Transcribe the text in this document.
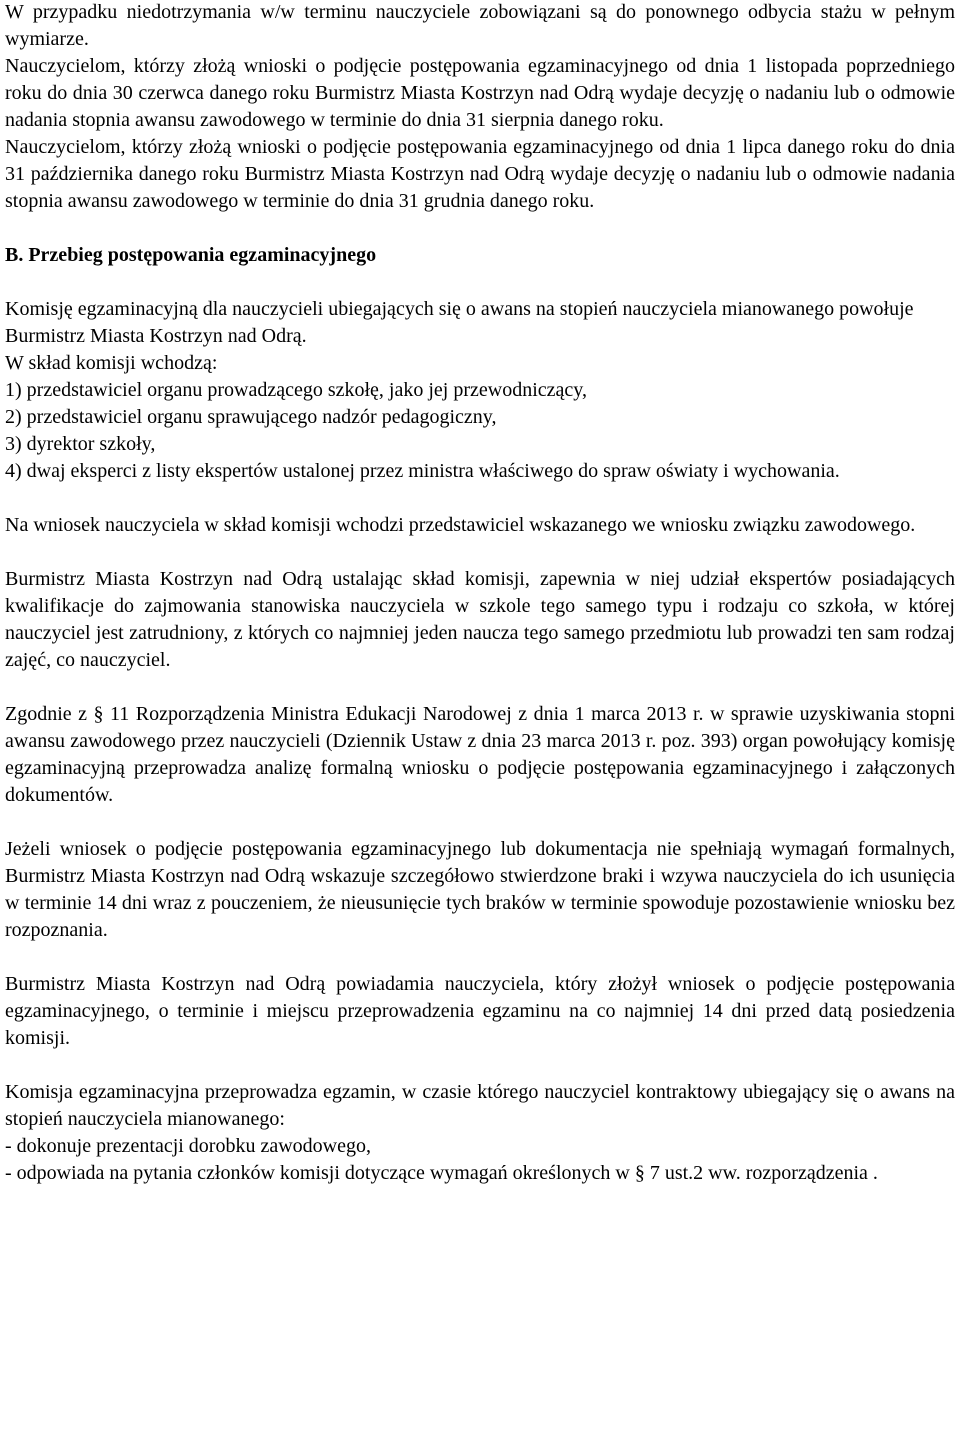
W przypadku niedotrzymania w/w terminu nauczyciele zobowiązani są do ponownego odbycia stażu w pełnym wymiarze.

Nauczycielom, którzy złożą wnioski o podjęcie postępowania egzaminacyjnego od dnia 1 listopada poprzedniego roku do dnia 30 czerwca danego roku Burmistrz Miasta Kostrzyn nad Odrą wydaje decyzję o nadaniu lub o odmowie nadania stopnia awansu zawodowego w terminie do dnia 31 sierpnia danego roku.

Nauczycielom, którzy złożą wnioski o podjęcie postępowania egzaminacyjnego od dnia 1 lipca danego roku do dnia 31 października danego roku Burmistrz Miasta Kostrzyn nad Odrą wydaje decyzję o nadaniu lub o odmowie nadania stopnia awansu zawodowego w terminie do dnia 31 grudnia danego roku.

B. Przebieg postępowania egzaminacyjnego

Komisję egzaminacyjną dla nauczycieli ubiegających się o awans na stopień nauczyciela mianowanego powołuje Burmistrz Miasta Kostrzyn nad Odrą.

W skład komisji wchodzą:

1) przedstawiciel organu prowadzącego szkołę, jako jej przewodniczący,

2) przedstawiciel organu sprawującego nadzór pedagogiczny,

3) dyrektor szkoły,

4) dwaj eksperci z listy ekspertów ustalonej przez ministra właściwego do spraw oświaty i wychowania.

Na wniosek nauczyciela w skład komisji wchodzi przedstawiciel wskazanego we wniosku związku zawodowego.

Burmistrz Miasta Kostrzyn nad Odrą ustalając skład komisji, zapewnia w niej udział ekspertów posiadających kwalifikacje do zajmowania stanowiska nauczyciela w szkole tego samego typu i rodzaju co szkoła, w której nauczyciel jest zatrudniony, z których co najmniej jeden naucza tego samego przedmiotu lub prowadzi ten sam rodzaj zajęć, co nauczyciel.

Zgodnie z § 11 Rozporządzenia Ministra Edukacji Narodowej z dnia 1 marca 2013 r. w sprawie uzyskiwania stopni awansu zawodowego przez nauczycieli (Dziennik Ustaw z dnia 23 marca 2013 r. poz. 393) organ powołujący komisję egzaminacyjną przeprowadza analizę formalną wniosku o podjęcie postępowania egzaminacyjnego i załączonych dokumentów.

Jeżeli wniosek o podjęcie postępowania egzaminacyjnego lub dokumentacja nie spełniają wymagań formalnych, Burmistrz Miasta Kostrzyn nad Odrą wskazuje szczegółowo stwierdzone braki i wzywa nauczyciela do ich usunięcia w terminie 14 dni wraz z pouczeniem, że nieusunięcie tych braków w terminie spowoduje pozostawienie wniosku bez rozpoznania.

Burmistrz Miasta Kostrzyn nad Odrą powiadamia nauczyciela, który złożył wniosek o podjęcie postępowania egzaminacyjnego, o terminie i miejscu przeprowadzenia egzaminu na co najmniej 14 dni przed datą posiedzenia komisji.

Komisja egzaminacyjna przeprowadza egzamin, w czasie którego nauczyciel kontraktowy ubiegający się o awans na stopień nauczyciela mianowanego:

- dokonuje prezentacji dorobku zawodowego,

- odpowiada na pytania członków komisji dotyczące wymagań określonych w § 7 ust.2 ww. rozporządzenia .
